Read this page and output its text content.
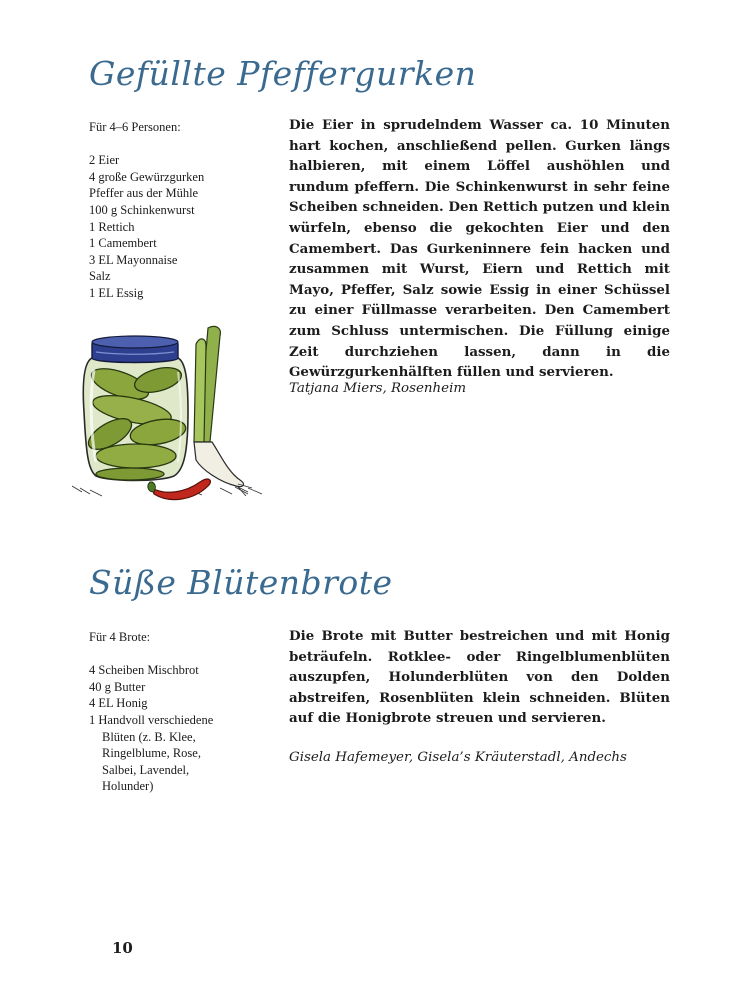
Gefüllte Pfeffergurken
Für 4–6 Personen:
2 Eier
4 große Gewürzgurken
Pfeffer aus der Mühle
100 g Schinkenwurst
1 Rettich
1 Camembert
3 EL Mayonnaise
Salz
1 EL Essig
Die Eier in sprudelndem Wasser ca. 10 Minuten hart kochen, anschließend pellen. Gurken längs halbieren, mit einem Löffel aushöhlen und rundum pfeffern. Die Schinkenwurst in sehr feine Scheiben schneiden. Den Rettich putzen und klein würfeln, ebenso die gekochten Eier und den Camembert. Das Gurkeninnere fein hacken und zusammen mit Wurst, Eiern und Rettich mit Mayo, Pfeffer, Salz sowie Essig in einer Schüssel zu einer Füllmasse verarbeiten. Den Camembert zum Schluss untermischen. Die Füllung einige Zeit durchziehen lassen, dann in die Gewürzgurkenhälften füllen und servieren.
Tatjana Miers, Rosenheim
Süße Blütenbrote
Für 4 Brote:
4 Scheiben Mischbrot
40 g Butter
4 EL Honig
1 Handvoll verschiedene
Blüten (z. B. Klee,
Ringelblume, Rose,
Salbei, Lavendel,
Holunder)
Die Brote mit Butter bestreichen und mit Honig beträufeln. Rotklee- oder Ringelblumenblüten auszupfen, Holunderblüten von den Dolden abstreifen, Rosenblüten klein schneiden. Blüten auf die Honigbrote streuen und servieren.
Gisela Hafemeyer, Gisela’s Kräuterstadl, Andechs
10
